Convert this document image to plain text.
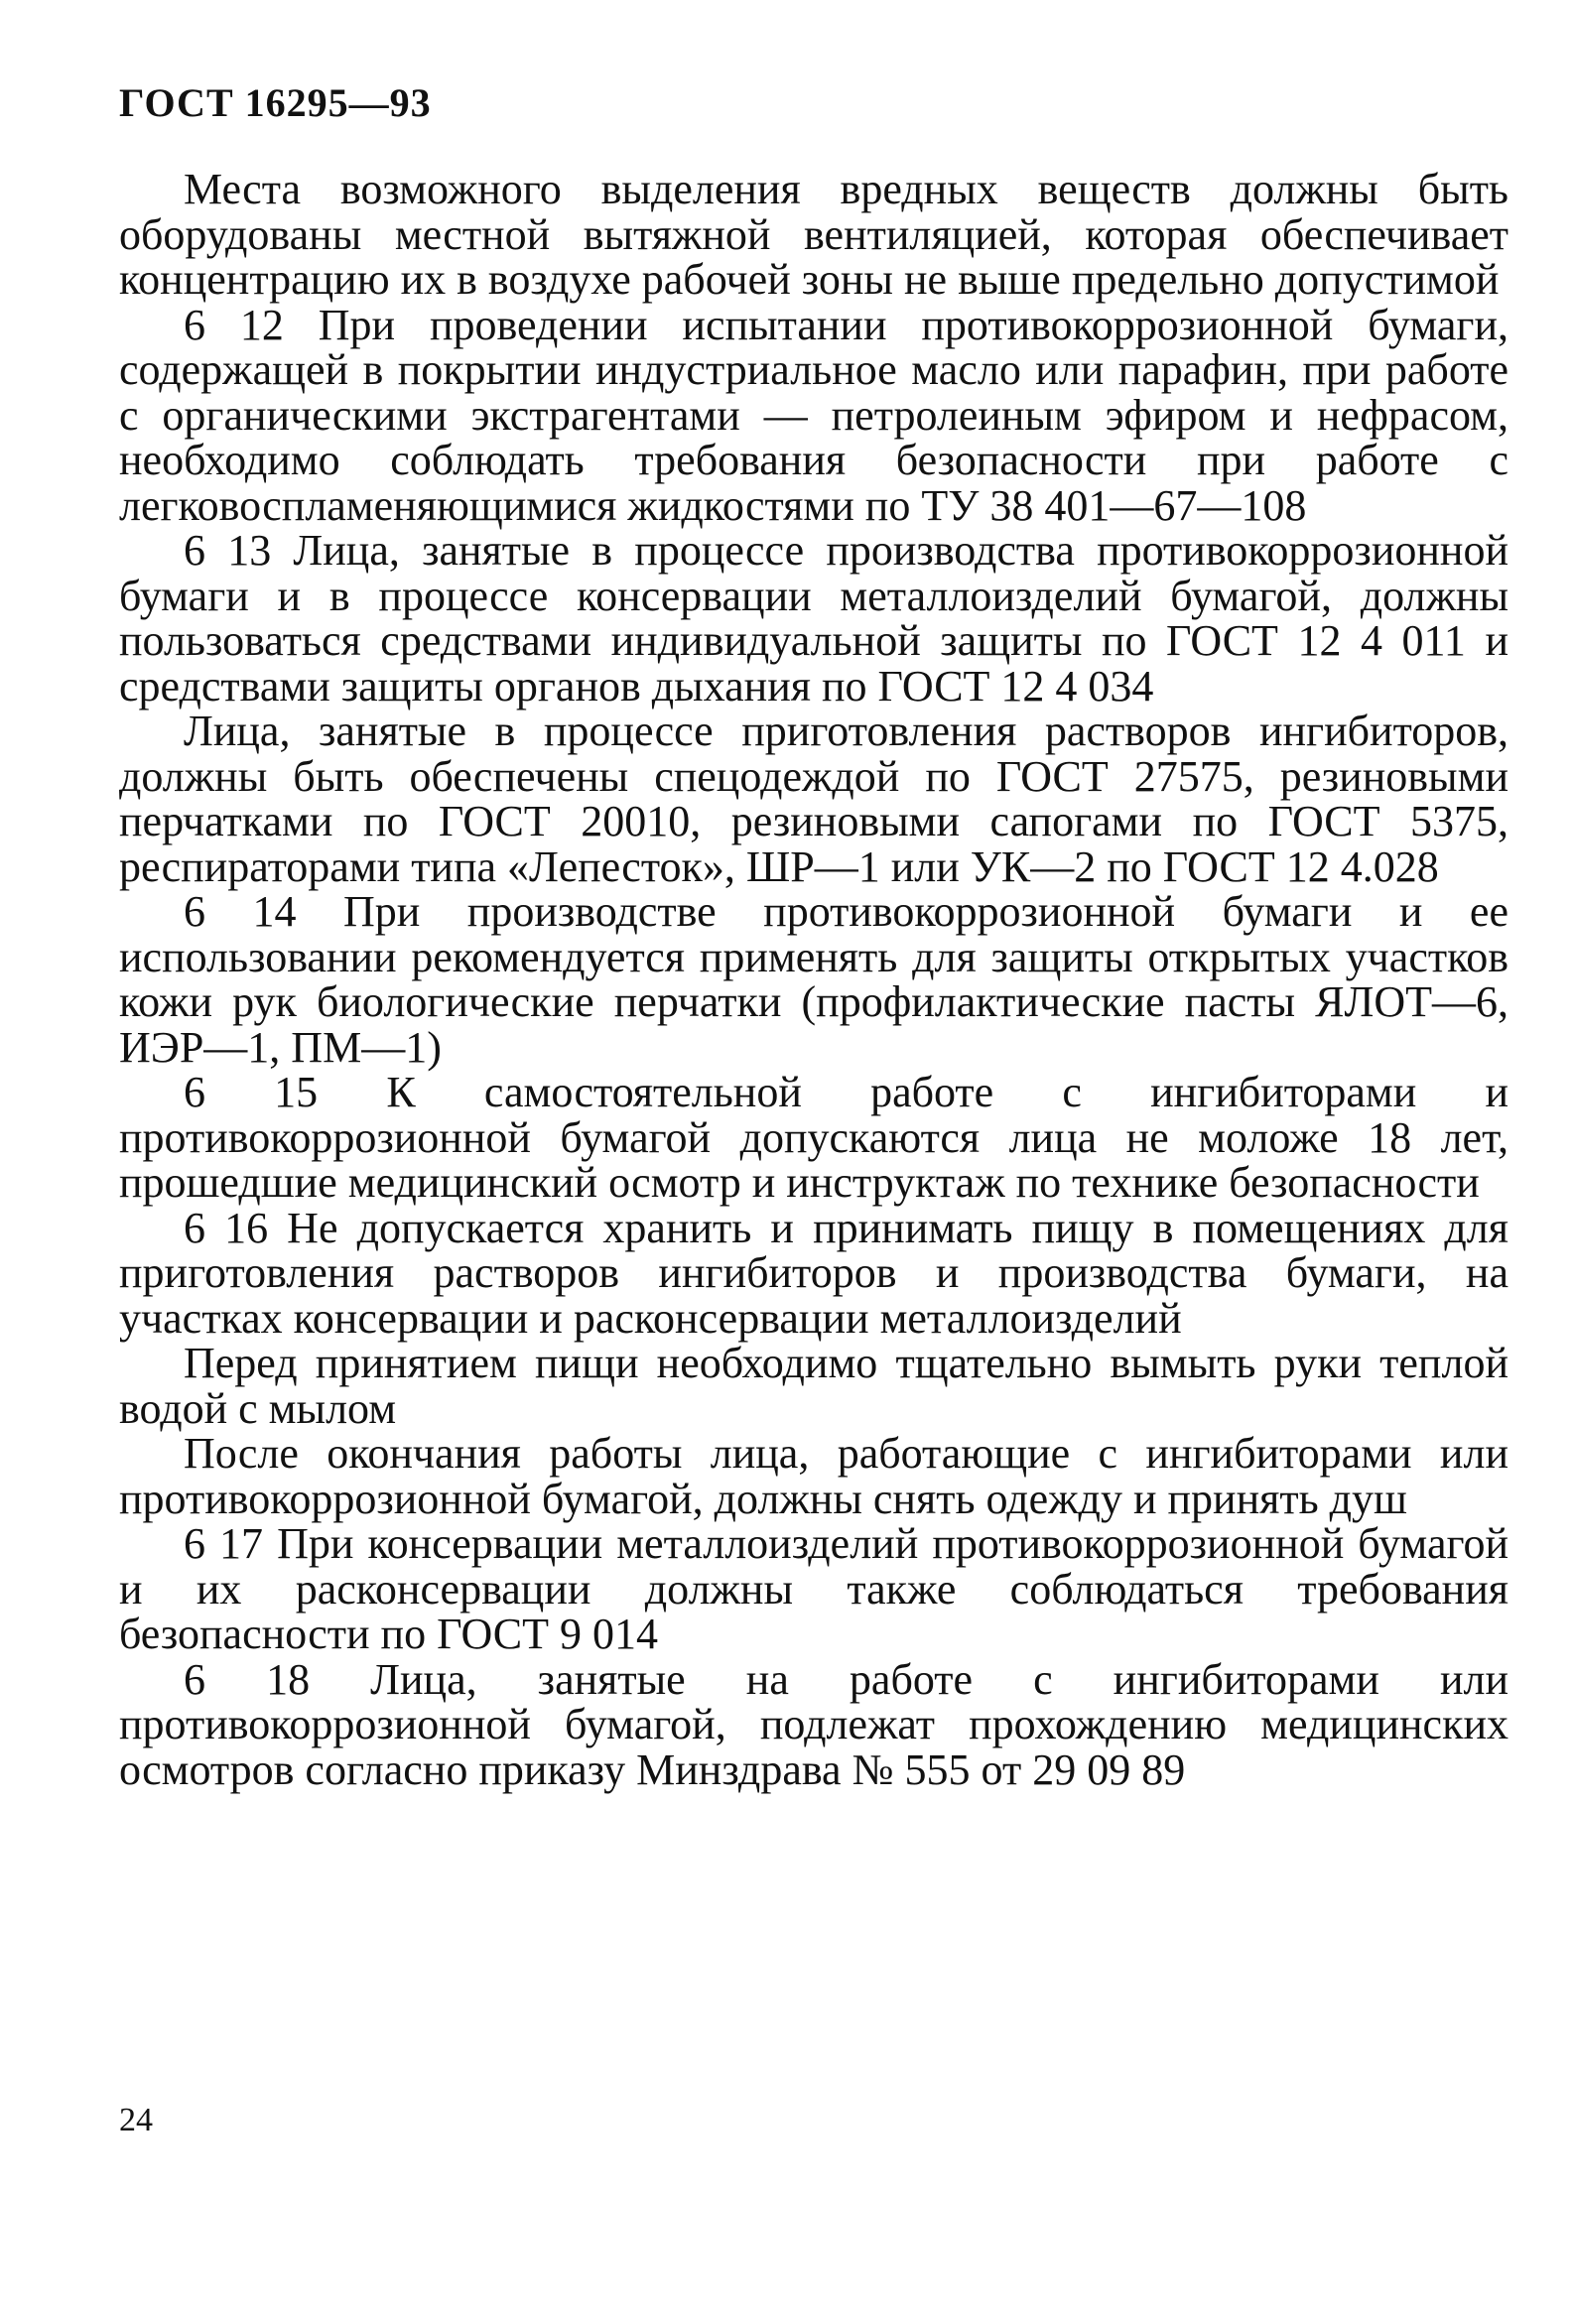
ГОСТ 16295—93

Места возможного выделения вредных веществ должны быть оборудованы местной вытяжной вентиляцией, которая обеспечивает концентрацию их в воздухе рабочей зоны не выше предельно допустимой

6 12 При проведении испытании противокоррозионной бумаги, содержащей в покрытии индустриальное масло или парафин, при работе с органическими экстрагентами — петролеиным эфиром и нефрасом, необходимо соблюдать требования безопасности при работе с легковоспламеняющимися жидкостями по ТУ 38 401—67—108

6 13 Лица, занятые в процессе производства противокоррозионной бумаги и в процессе консервации металлоизделий бумагой, должны пользоваться средствами индивидуальной защиты по ГОСТ 12 4 011 и средствами защиты органов дыхания по ГОСТ 12 4 034

Лица, занятые в процессе приготовления растворов ингибиторов, должны быть обеспечены спецодеждой по ГОСТ 27575, резиновыми перчатками по ГОСТ 20010, резиновыми сапогами по ГОСТ 5375, респираторами типа «Лепесток», ШР—1 или УК—2 по ГОСТ 12 4.028

6 14 При производстве противокоррозионной бумаги и ее использовании рекомендуется применять для защиты открытых участков кожи рук биологические перчатки (профилактические пасты ЯЛОТ—6, ИЭР—1, ПМ—1)

6 15 К самостоятельной работе с ингибиторами и противокоррозионной бумагой допускаются лица не моложе 18 лет, прошедшие медицинский осмотр и инструктаж по технике безопасности

6 16 Не допускается хранить и принимать пищу в помещениях для приготовления растворов ингибиторов и производства бумаги, на участках консервации и расконсервации металлоизделий

Перед принятием пищи необходимо тщательно вымыть руки теплой водой с мылом

После окончания работы лица, работающие с ингибиторами или противокоррозионной бумагой, должны снять одежду и принять душ

6 17 При консервации металлоизделий противокоррозионной бумагой и их расконсервации должны также соблюдаться требования безопасности по ГОСТ 9 014

6 18 Лица, занятые на работе с ингибиторами или противокоррозионной бумагой, подлежат прохождению медицинских осмотров согласно приказу Минздрава № 555 от 29 09 89

24
